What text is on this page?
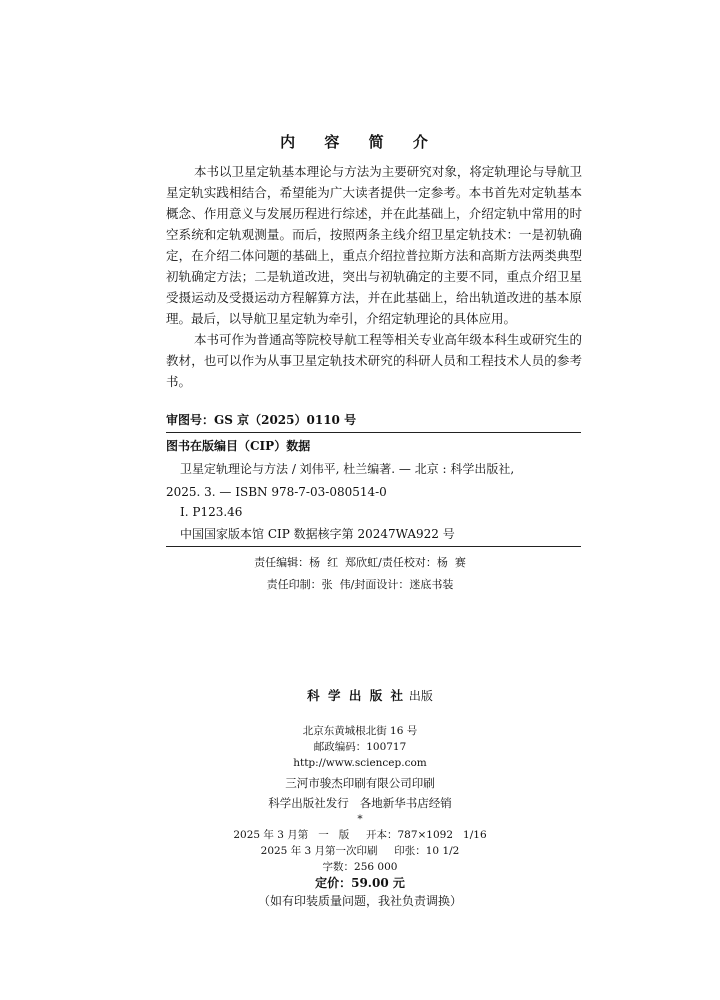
内 容 简 介

本书以卫星定轨基本理论与方法为主要研究对象，将定轨理论与导航卫星定轨实践相结合，希望能为广大读者提供一定参考。本书首先对定轨基本概念、作用意义与发展历程进行综述，并在此基础上，介绍定轨中常用的时空系统和定轨观测量。而后，按照两条主线介绍卫星定轨技术：一是初轨确定，在介绍二体问题的基础上，重点介绍拉普拉斯方法和高斯方法两类典型初轨确定方法；二是轨道改进，突出与初轨确定的主要不同，重点介绍卫星受摄运动及受摄运动方程解算方法，并在此基础上，给出轨道改进的基本原理。最后，以导航卫星定轨为牵引，介绍定轨理论的具体应用。

本书可作为普通高等院校导航工程等相关专业高年级本科生或研究生的教材，也可以作为从事卫星定轨技术研究的科研人员和工程技术人员的参考书。

审图号：GS 京（2025）0110 号
图书在版编目（CIP）数据
卫星定轨理论与方法 / 刘伟平, 杜兰编著. — 北京 : 科学出版社,
2025. 3. — ISBN 978-7-03-080514-0
Ⅰ. P123.46
中国国家版本馆 CIP 数据核字第 20247WA922 号
责任编辑：杨  红  郑欣虹/责任校对：杨  赛
责任印制：张  伟/封面设计：迷底书装

科 学 出 版 社 出版

北京东黄城根北街 16 号
邮政编码：100717
http://www.sciencep.com
三河市骏杰印刷有限公司印刷
科学出版社发行   各地新华书店经销
*
2025 年 3 月第   一   版     开本：787×1092   1/16
2025 年 3 月第一次印刷     印张：10 1/2
字数：256 000
定价：59.00 元
（如有印装质量问题，我社负责调换）
